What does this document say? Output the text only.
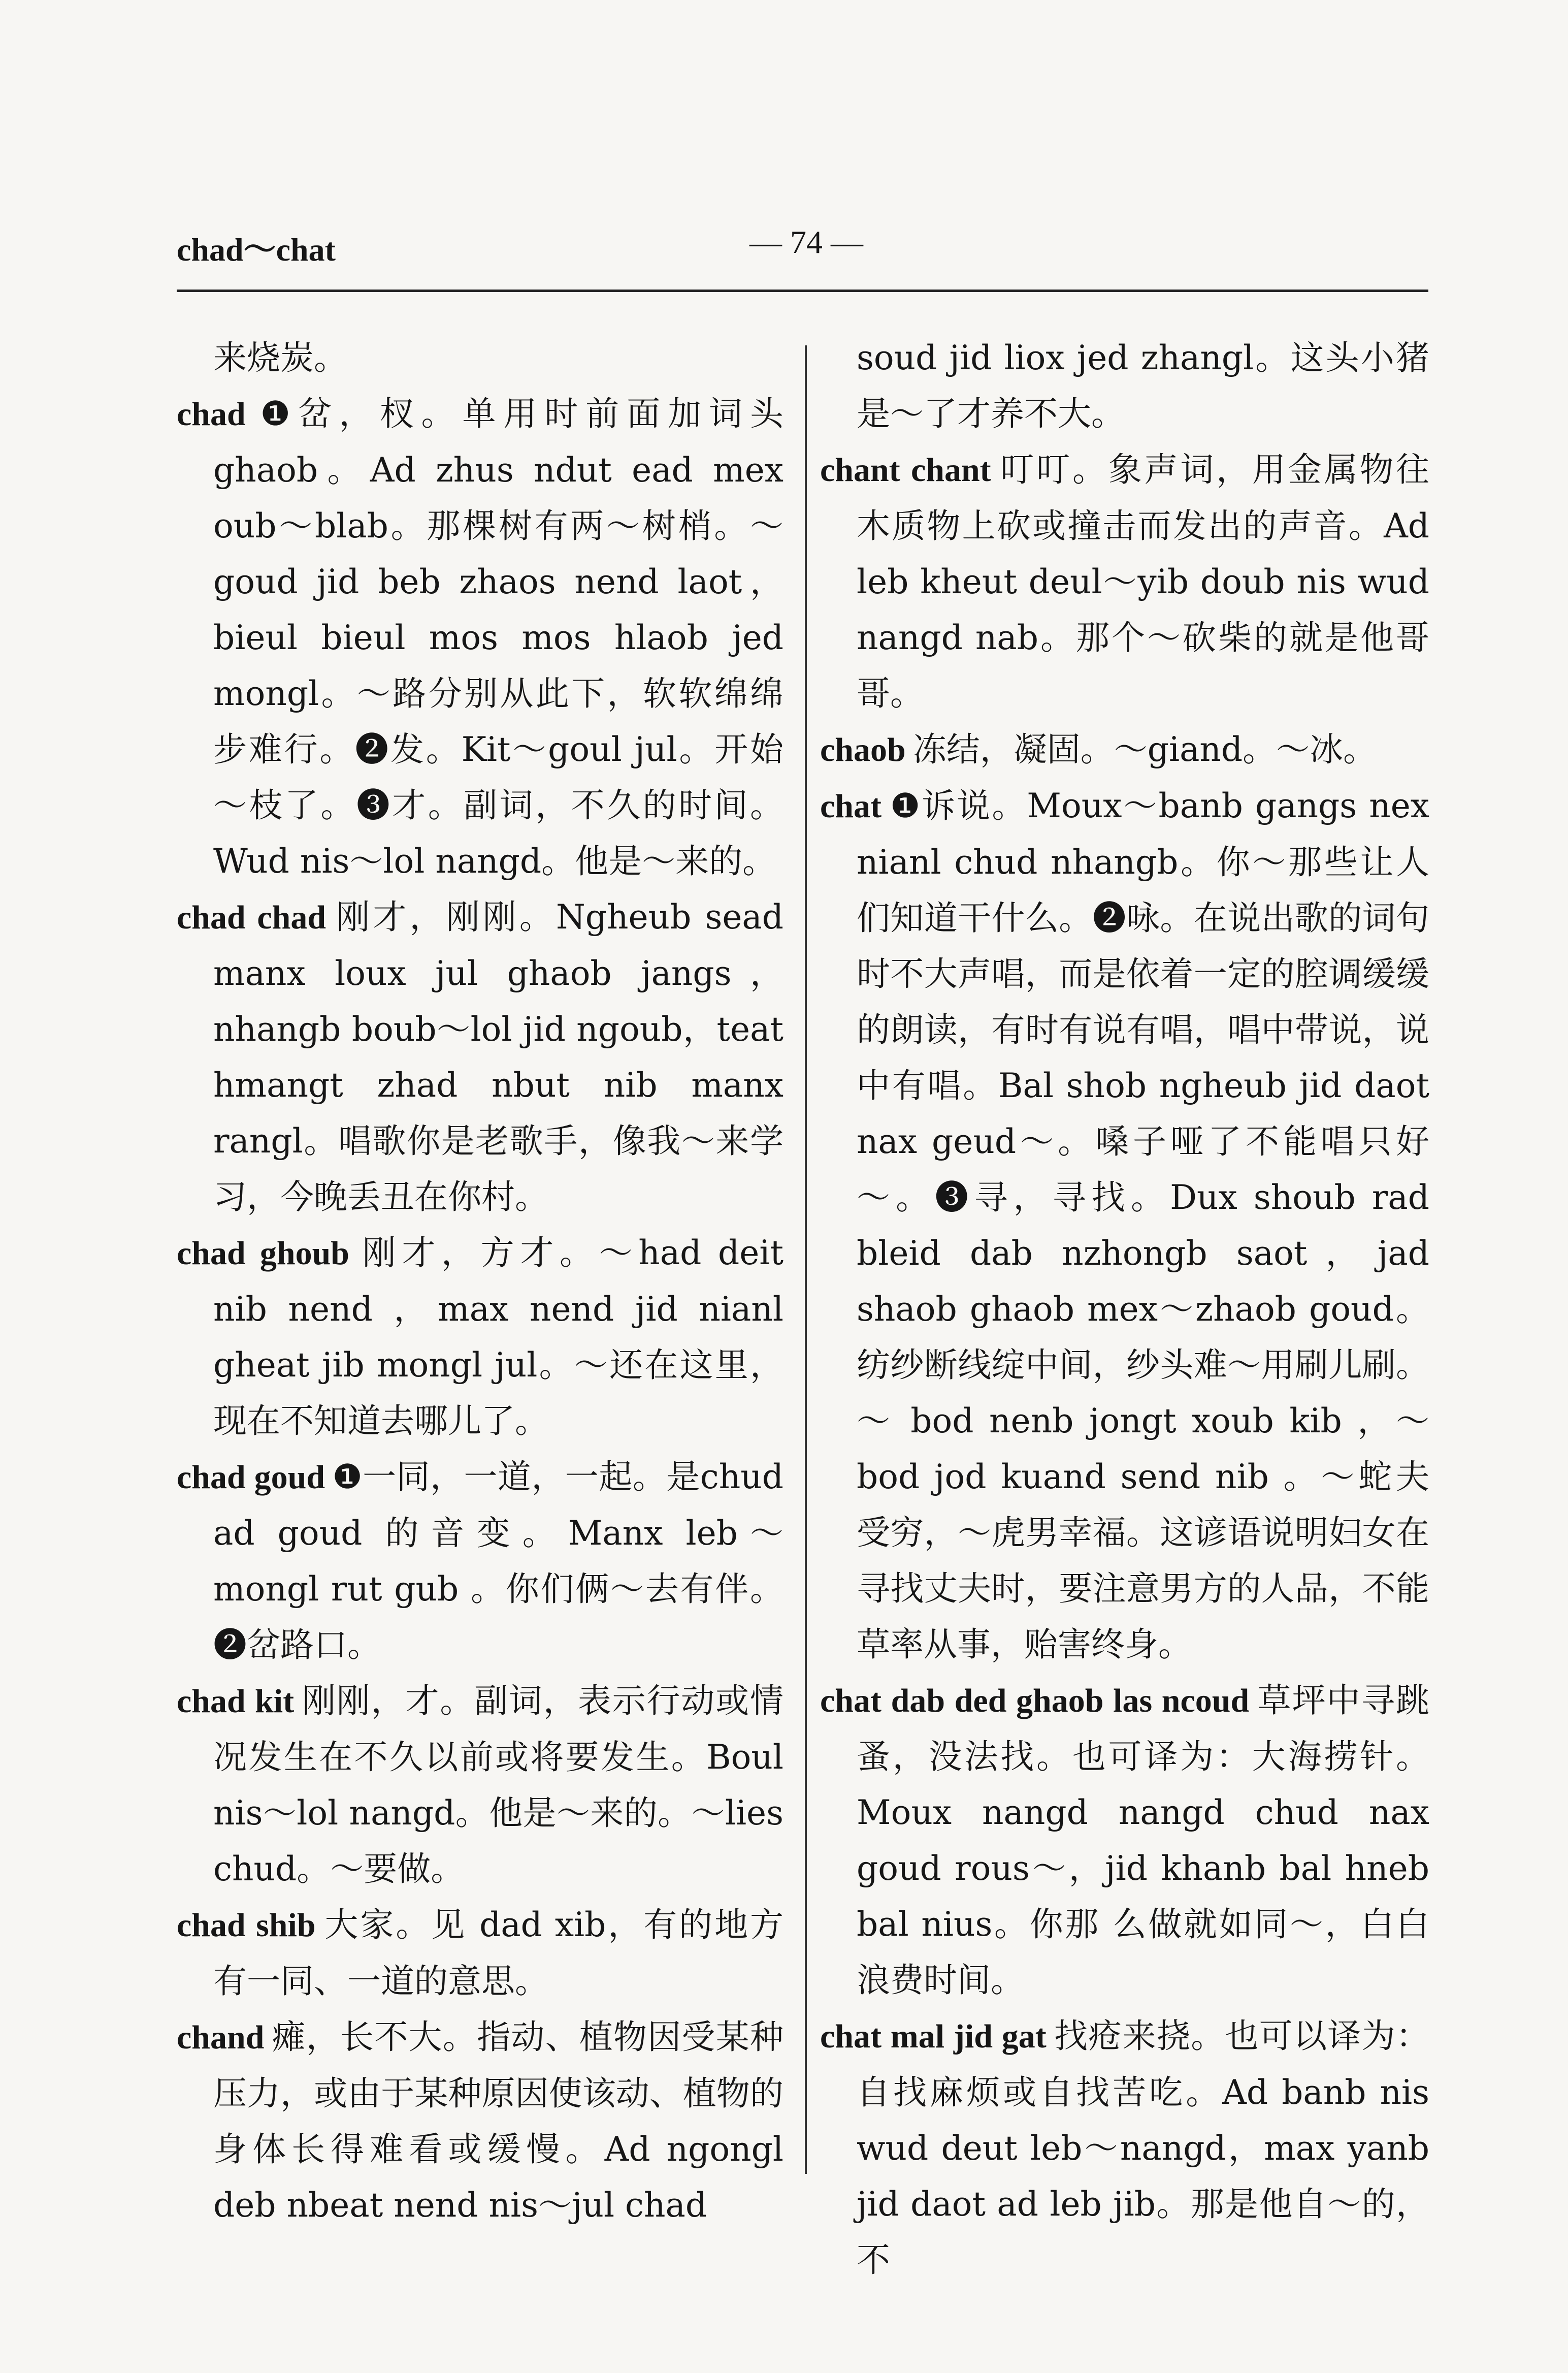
chad～chat	— 74 —
来烧炭。
chad ❶岔，杈。单用时前面加词头ghaob。Ad zhus ndut ead mex oub～blab。那棵树有两～树梢。～goud jid beb zhaos nend laot，bieul bieul mos mos hlaob jed mongl。～路分别从此下，软软绵绵步难行。❷发。Kit～goul jul。开始～枝了。❸才。副词，不久的时间。Wud nis～lol nangd。他是～来的。
chad chad 刚才，刚刚。Ngheub sead manx loux jul ghaob jangs，nhangb boub～lol jid ngoub，teat hmangt zhad nbut nib manx rangl。唱歌你是老歌手，像我～来学习，今晚丢丑在你村。
chad ghoub 刚才，方才。～had deit nib nend ，max nend jid nianl gheat jib mongl jul。～还在这里，现在不知道去哪儿了。
chad goud ❶一同，一道，一起。是chud ad goud 的音变。Manx leb～mongl rut gub 。你们俩～去有伴。❷岔路口。
chad kit 刚刚，才。副词，表示行动或情况发生在不久以前或将要发生。Boul nis～lol nangd。他是～来的。～lies chud。～要做。
chad shib 大家。见 dad xib，有的地方有一同、一道的意思。
chand 瘫，长不大。指动、植物因受某种压力，或由于某种原因使该动、植物的身体长得难看或缓慢。Ad ngongl deb nbeat nend nis～jul chad
soud jid liox jed zhangl。这头小猪是～了才养不大。
chant chant 叮叮。象声词，用金属物往木质物上砍或撞击而发出的声音。Ad leb kheut deul～yib doub nis wud nangd nab。那个～砍柴的就是他哥哥。
chaob 冻结，凝固。～giand。～冰。
chat ❶诉说。Moux～banb gangs nex nianl chud nhangb。你～那些让人们知道干什么。❷咏。在说出歌的词句时不大声唱，而是依着一定的腔调缓缓的朗读，有时有说有唱，唱中带说，说中有唱。Bal shob ngheub jid daot nax geud～。嗓子哑了不能唱只好～。❸寻，寻找。Dux shoub rad bleid dab nzhongb saot，jad shaob ghaob mex～zhaob goud。纺纱断线绽中间，纱头难～用刷儿刷。～ bod nenb jongt xoub kib ，～ bod jod kuand send nib 。～蛇夫受穷，～虎男幸福。这谚语说明妇女在寻找丈夫时，要注意男方的人品，不能草率从事，贻害终身。
chat dab ded ghaob las ncoud 草坪中寻跳蚤，没法找。也可译为：大海捞针。Moux nangd nangd chud nax goud rous～，jid khanb bal hneb bal nius。你那 么做就如同～，白白浪费时间。
chat mal jid gat 找疮来挠。也可以译为：自找麻烦或自找苦吃。Ad banb nis wud deut leb～nangd，max yanb jid daot ad leb jib。那是他自～的，不
